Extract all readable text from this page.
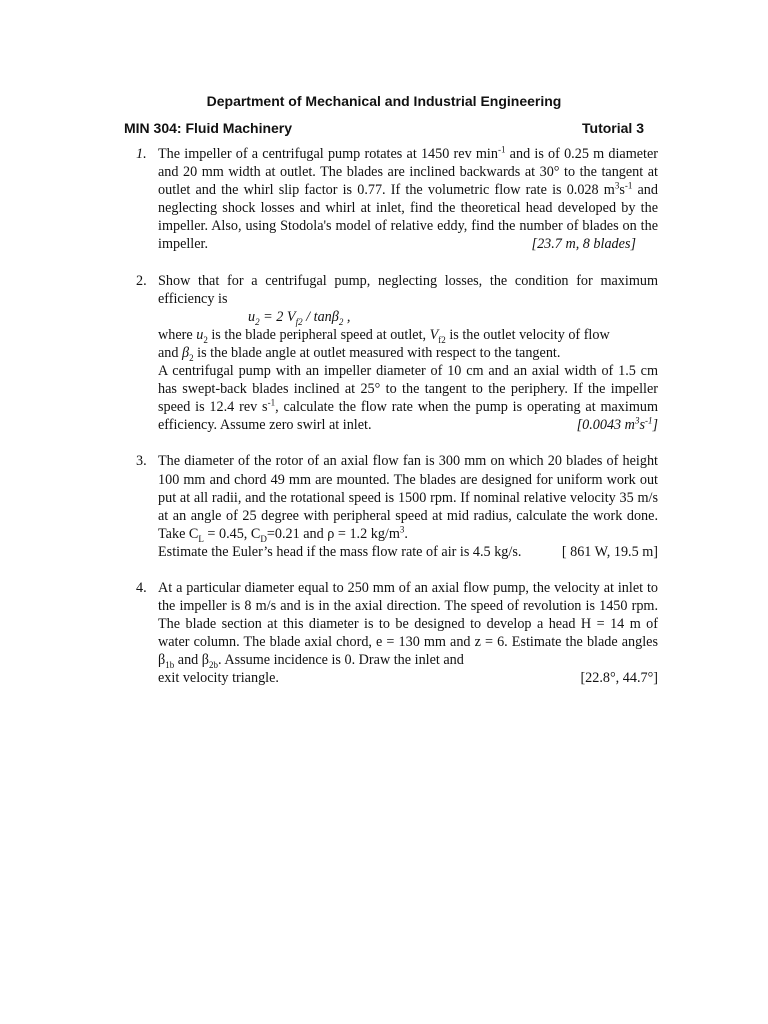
Department of Mechanical and Industrial Engineering
MIN 304: Fluid Machinery	Tutorial 3
1. The impeller of a centrifugal pump rotates at 1450 rev $\min^{-1}$ and is of 0.25 m diameter and 20 mm width at outlet. The blades are inclined backwards at 30° to the tangent at outlet and the whirl slip factor is 0.77. If the volumetric flow rate is 0.028 $m^3s^{-1}$ and neglecting shock losses and whirl at inlet, find the theoretical head developed by the impeller. Also, using Stodola's model of relative eddy, find the number of blades on the impeller.	[23.7 m, 8 blades]
2. Show that for a centrifugal pump, neglecting losses, the condition for maximum efficiency is
$u_2 = 2$ $V_{f2} / \tan\beta_2$ ,
where $u_2$ is the blade peripheral speed at outlet, $V_{f2}$ is the outlet velocity of flow
and $\beta_2$ is the blade angle at outlet measured with respect to the tangent.
A centrifugal pump with an impeller diameter of 10 cm and an axial width of 1.5 cm has swept-back blades inclined at 25° to the tangent to the periphery. If the impeller speed is 12.4 rev $s^{-1}$, calculate the flow rate when the pump is operating at maximum efficiency. Assume zero swirl at inlet.	[0.0043 $m^3s^{-1}$]
3. The diameter of the rotor of an axial flow fan is 300 mm on which 20 blades of height 100 mm and chord 49 mm are mounted. The blades are designed for uniform work out put at all radii, and the rotational speed is 1500 rpm. If nominal relative velocity 35 m/s at an angle of 25 degree with peripheral speed at mid radius, calculate the work done. Take $C_L = 0.45$, $C_D=0.21$ and ρ = 1.2 $kg/m^3$.
Estimate the Euler’s head if the mass flow rate of air is 4.5 kg/s.	[ 861 W, 19.5 m]
4. At a particular diameter equal to 250 mm of an axial flow pump, the velocity at inlet to the impeller is 8 m/s and is in the axial direction. The speed of revolution is 1450 rpm. The blade section at this diameter is to be designed to develop a head H = 14 m of water column. The blade axial chord, e = 130 mm and z = 6. Estimate the blade angles $\beta_{1b}$ and $\beta_{2b}$. Assume incidence is 0. Draw the inlet and
exit velocity triangle.	[22.8°, 44.7°]
